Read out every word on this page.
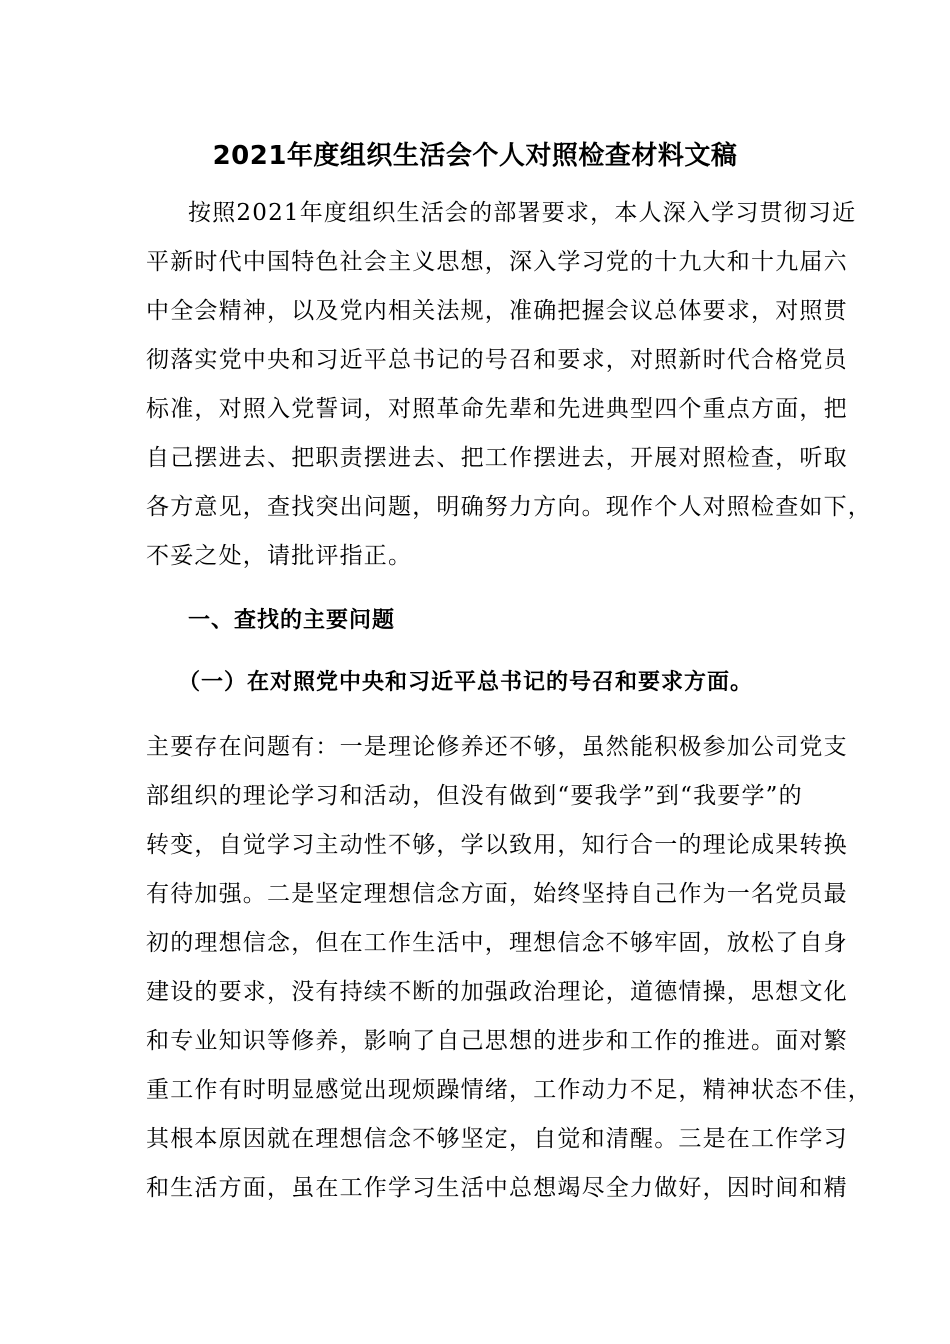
2021年度组织生活会个人对照检查材料文稿
按照2021年度组织生活会的部署要求，本人深入学习贯彻习近
平新时代中国特色社会主义思想，深入学习党的十九大和十九届六
中全会精神，以及党内相关法规，准确把握会议总体要求，对照贯
彻落实党中央和习近平总书记的号召和要求，对照新时代合格党员
标准，对照入党誓词，对照革命先辈和先进典型四个重点方面，把
自己摆进去、把职责摆进去、把工作摆进去，开展对照检查，听取
各方意见，查找突出问题，明确努力方向。现作个人对照检查如下，
不妥之处，请批评指正。
一、查找的主要问题
（一）在对照党中央和习近平总书记的号召和要求方面。
主要存在问题有：一是理论修养还不够，虽然能积极参加公司党支
部组织的理论学习和活动，但没有做到“要我学”到“我要学”的
转变，自觉学习主动性不够，学以致用，知行合一的理论成果转换
有待加强。二是坚定理想信念方面，始终坚持自己作为一名党员最
初的理想信念，但在工作生活中，理想信念不够牢固，放松了自身
建设的要求，没有持续不断的加强政治理论，道德情操，思想文化
和专业知识等修养，影响了自己思想的进步和工作的推进。面对繁
重工作有时明显感觉出现烦躁情绪，工作动力不足，精神状态不佳，
其根本原因就在理想信念不够坚定，自觉和清醒。三是在工作学习
和生活方面，虽在工作学习生活中总想竭尽全力做好，因时间和精
